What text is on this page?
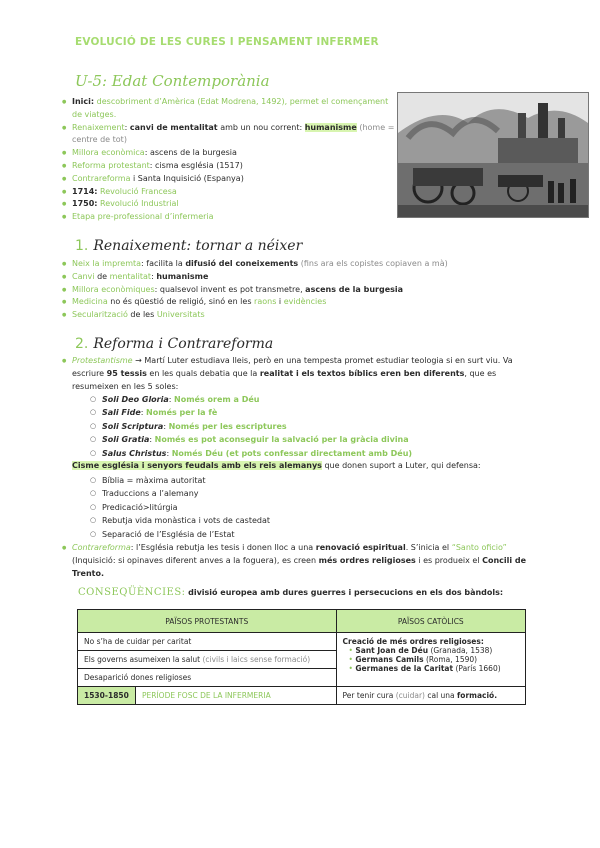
EVOLUCIÓ DE LES CURES I PENSAMENT INFERMER
U-5: Edat Contemporània
● Inici: descobriment d’Amèrica (Edat Modrena, 1492), permet el començament de viatges.
● Renaixement: canvi de mentalitat amb un nou corrent: humanisme (home = centre de tot)
● Millora econòmica: ascens de la burgesia
● Reforma protestant: cisma església (1517)
● Contrareforma i Santa Inquisició (Espanya)
● 1714: Revolució Francesa
● 1750: Revolució Industrial
● Etapa pre-professional d’infermeria
1. Renaixement: tornar a néixer
● Neix la impremta: facilita la difusió del coneixements (fins ara els copistes copiaven a mà)
● Canvi de mentalitat: humanisme
● Millora econòmiques: qualsevol invent es pot transmetre, ascens de la burgesia
● Medicina no és qüestió de religió, sinó en les raons i evidències
● Secularització de les Universitats
2. Reforma i Contrareforma
● Protestantisme → Martí Luter estudiava lleis, però en una tempesta promet estudiar teologia si en surt viu. Va escriure 95 tessis en les quals debatia que la realitat i els textos bíblics eren ben diferents, que es resumeixen en les 5 soles:
○ Soli Deo Gloria: Només orem a Déu
○ Sali Fide: Només per la fè
○ Soli Scriptura: Només per les escriptures
○ Soli Gratia: Només es pot aconseguir la salvació per la gràcia divina
○ Salus Christus: Només Déu (et pots confessar directament amb Déu)
Cisme església i senyors feudals amb els reis alemanys que donen suport a Luter, qui defensa:
○ Bíblia = màxima autoritat
○ Traduccions a l’alemany
○ Predicació>litúrgia
○ Rebutja vida monàstica i vots de castedat
○ Separació de l’Església de l’Estat
● Contrareforma: l’Església rebutja les tesis i donen lloc a una renovació espiritual. S’inicia el “Santo oficio” (Inquisició: si opinaves diferent anves a la foguera), es creen més ordres religioses i es produeix el Concili de Trento.
CONSEQÜÈNCIES: divisió europea amb dures guerres i persecucions en els dos bàndols:
PAÏSOS PROTESTANTS		PAÏSOS CATÒLICS
No s’ha de cuidar per caritat		Creació de més ordres religioses:
• Sant Joan de Déu (Granada, 1538)
• Germans Camils (Roma, 1590)
• Germanes de la Caritat (París 1660)

Els governs asumeixen la salut (civils i laics sense formació)		
Desaparició dones religioses		
1530-1850	PERÍODE FOSC DE LA INFERMERIA	Per tenir cura (cuidar) cal una formació.
